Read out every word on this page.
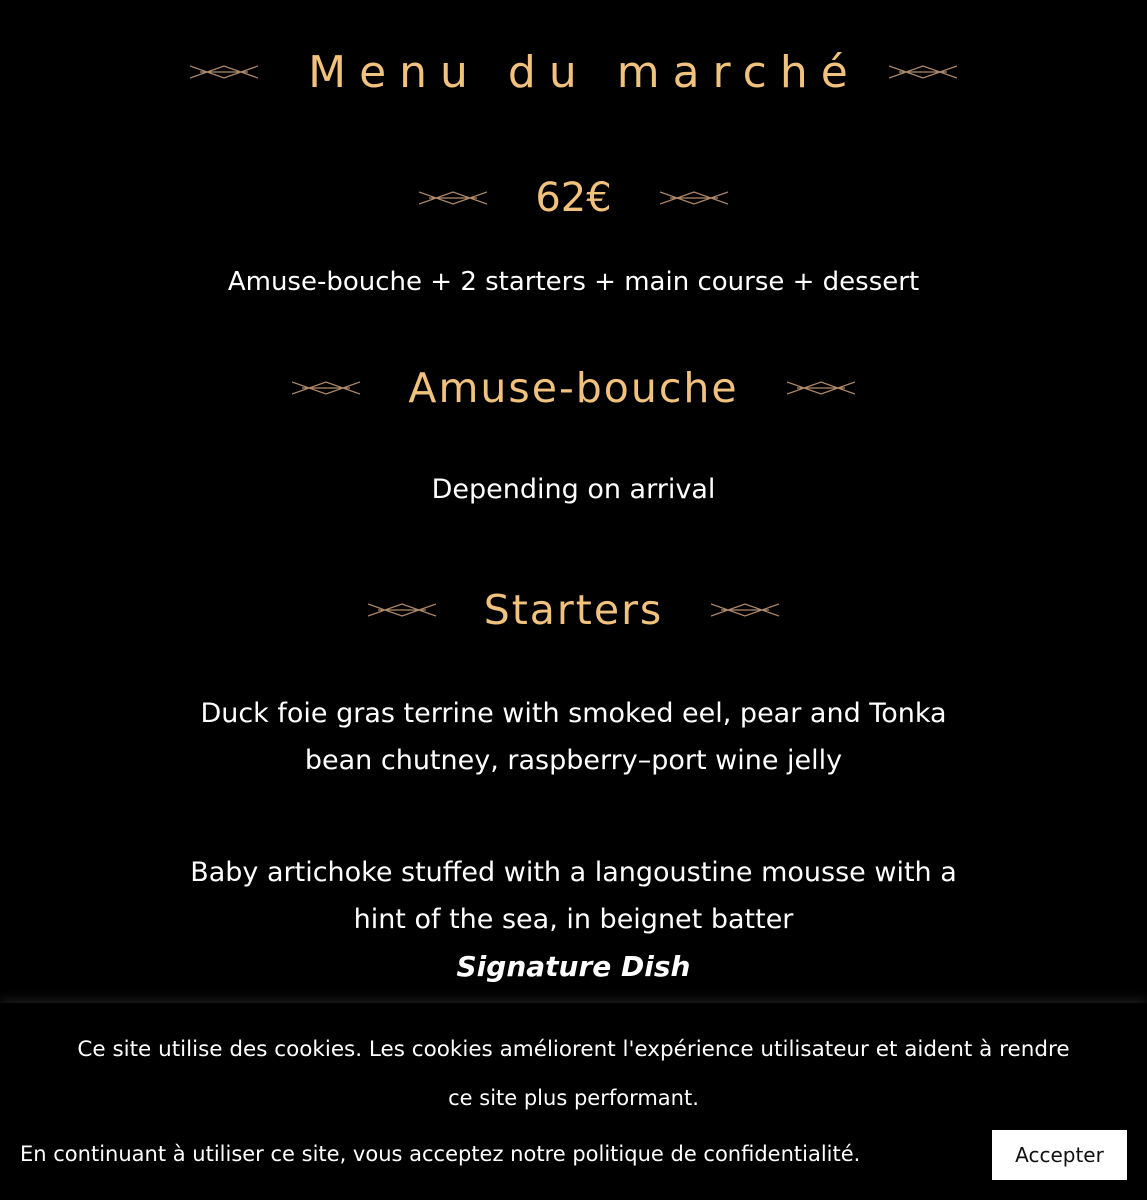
Menu du marché
62€
Amuse-bouche + 2 starters + main course + dessert
Amuse-bouche
Depending on arrival
Starters
Duck foie gras terrine with smoked eel, pear and Tonka
bean chutney, raspberry–port wine jelly
Baby artichoke stuffed with a langoustine mousse with a
hint of the sea, in beignet batter
Signature Dish
Ce site utilise des cookies. Les cookies améliorent l'expérience utilisateur et aident à rendre
ce site plus performant.
En continuant à utiliser ce site, vous acceptez notre politique de confidentialité.	Accepter
